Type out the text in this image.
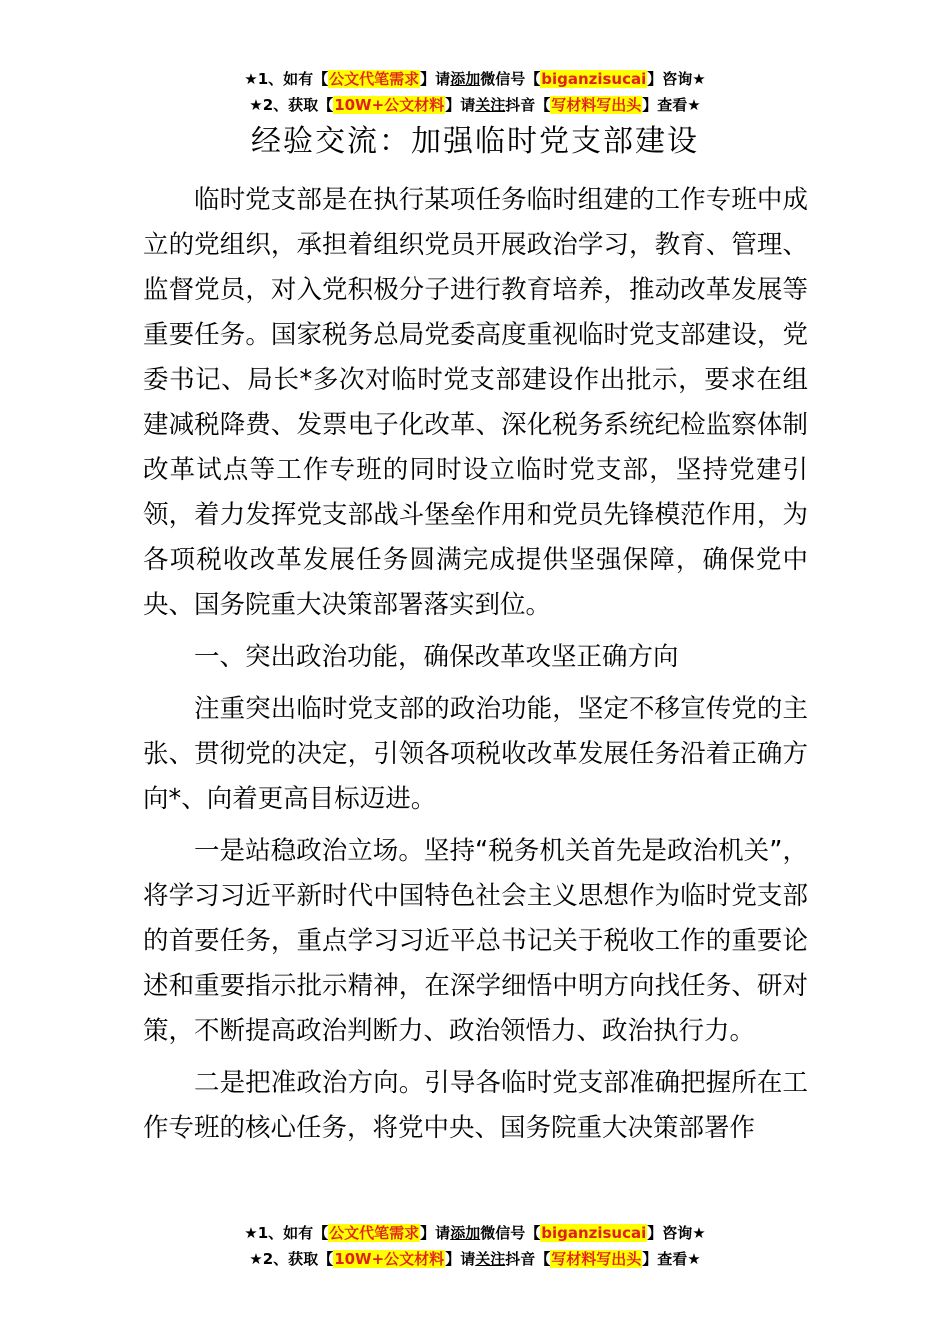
★1、如有【公文代笔需求】请添加微信号【biganzisucai】咨询★
★2、获取【10W+公文材料】请关注抖音【写材料写出头】查看★
经验交流：加强临时党支部建设

临时党支部是在执行某项任务临时组建的工作专班中成立的党组织，承担着组织党员开展政治学习，教育、管理、监督党员，对入党积极分子进行教育培养，推动改革发展等重要任务。国家税务总局党委高度重视临时党支部建设，党委书记、局长*多次对临时党支部建设作出批示，要求在组建减税降费、发票电子化改革、深化税务系统纪检监察体制改革试点等工作专班的同时设立临时党支部，坚持党建引领，着力发挥党支部战斗堡垒作用和党员先锋模范作用，为各项税收改革发展任务圆满完成提供坚强保障，确保党中央、国务院重大决策部署落实到位。

一、突出政治功能，确保改革攻坚正确方向

注重突出临时党支部的政治功能，坚定不移宣传党的主张、贯彻党的决定，引领各项税收改革发展任务沿着正确方向*、向着更高目标迈进。

一是站稳政治立场。坚持“税务机关首先是政治机关”，将学习习近平新时代中国特色社会主义思想作为临时党支部的首要任务，重点学习习近平总书记关于税收工作的重要论述和重要指示批示精神，在深学细悟中明方向找任务、研对策，不断提高政治判断力、政治领悟力、政治执行力。

二是把准政治方向。引导各临时党支部准确把握所在工作专班的核心任务，将党中央、国务院重大决策部署作

★1、如有【公文代笔需求】请添加微信号【biganzisucai】咨询★
★2、获取【10W+公文材料】请关注抖音【写材料写出头】查看★
